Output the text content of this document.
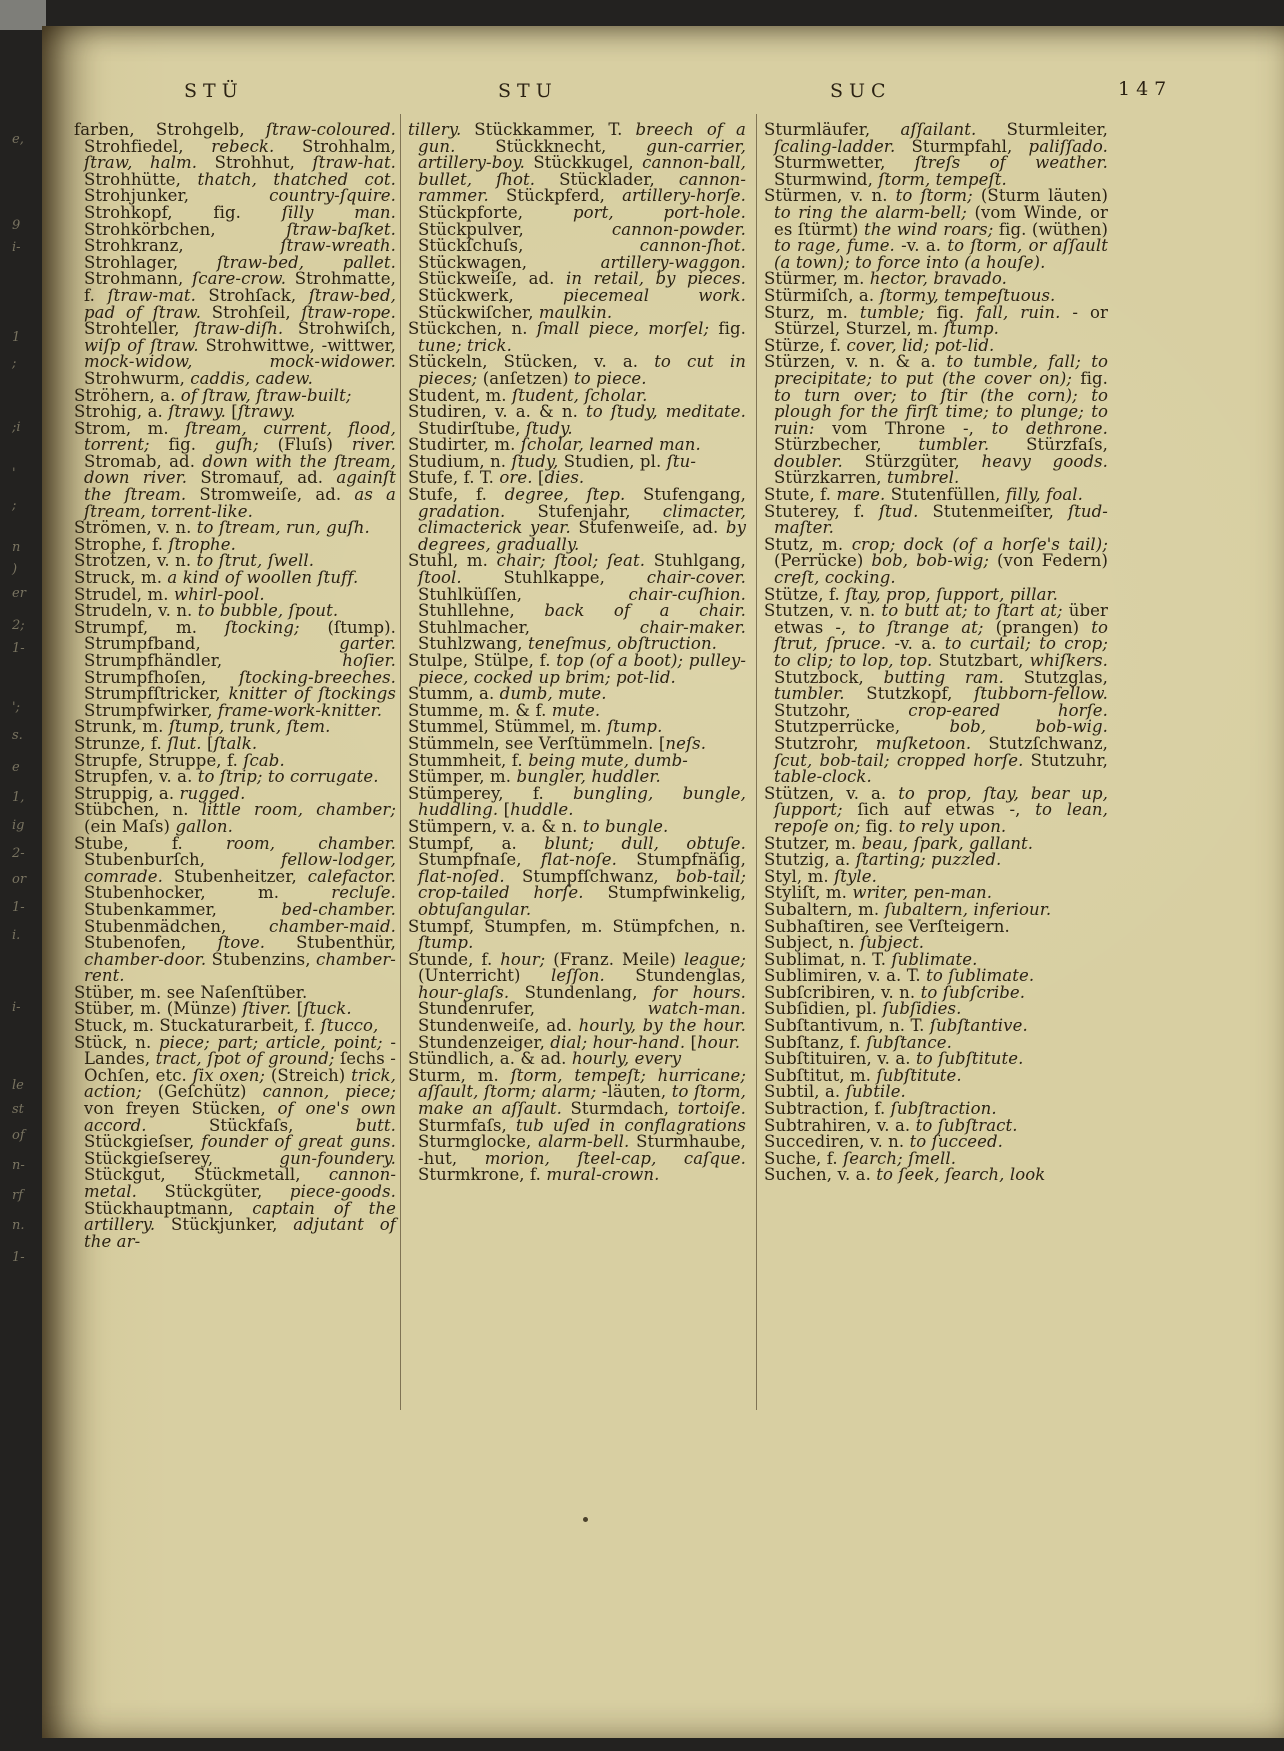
e,
9
i-
1
;
;i
'
;
n
)
er
2;
1-
';
s.
e
1,
ig
2-
or
1-
i.
i-
le
st
of
n-
rf
n.
1-
STÜ	STU	SUC	147

farben, Strohgelb, ſtraw-coloured. Strohfiedel, rebeck. Strohhalm, ſtraw, halm. Strohhut, ſtraw-hat. Strohhütte, thatch, thatched cot. Strohjunker, country-ſquire. Strohkopf, fig. ſilly man. Strohkörbchen, ſtraw-baſket. Strohkranz, ſtraw-wreath. Strohlager, ſtraw-bed, pallet. Strohmann, ſcare-crow. Strohmatte, f. ſtraw-mat. Strohſack, ſtraw-bed, pad of ſtraw. Strohſeil, ſtraw-rope. Strohteller, ſtraw-diſh. Strohwiſch, wiſp of ſtraw. Strohwittwe, -wittwer, mock-widow, mock-widower. Strohwurm, caddis, cadew.

Ströhern, a. of ſtraw, ſtraw-built;

Strohig, a. ſtrawy. [ſtrawy.

Strom, m. ſtream, current, flood, torrent; fig. guſh; (Fluſs) river. Stromab, ad. down with the ſtream, down river. Stromauf, ad. againſt the ſtream. Stromweiſe, ad. as a ſtream, torrent-like.

Strömen, v. n. to ſtream, run, guſh.

Strophe, f. ſtrophe.

Strotzen, v. n. to ſtrut, ſwell.

Struck, m. a kind of woollen ſtuff.

Strudel, m. whirl-pool.

Strudeln, v. n. to bubble, ſpout.

Strumpf, m. ſtocking; (ſtump). Strumpfband, garter. Strumpfhändler, hoſier. Strumpfhoſen, ſtocking-breeches. Strumpfſtricker, knitter of ſtockings Strumpfwirker, frame-work-knitter.

Strunk, m. ſtump, trunk, ſtem.

Strunze, f. ſlut. [ſtalk.

Strupfe, Struppe, f. ſcab.

Strupfen, v. a. to ſtrip; to corrugate.

Struppig, a. rugged.

Stübchen, n. little room, chamber; (ein Maſs) gallon.

Stube, f. room, chamber. Stubenburſch, fellow-lodger, comrade. Stubenheitzer, calefactor. Stubenhocker, m. recluſe. Stubenkammer, bed-chamber. Stubenmädchen, chamber-maid. Stubenofen, ſtove. Stubenthür, chamber-door. Stubenzins, chamber-rent.

Stüber, m. see Naſenſtüber.

Stüber, m. (Münze) ſtiver. [ſtuck.

Stuck, m. Stuckaturarbeit, f. ſtucco,

Stück, n. piece; part; article, point; - Landes, tract, ſpot of ground; ſechs - Ochſen, etc. ſix oxen; (Streich) trick, action; (Geſchütz) cannon, piece; von freyen Stücken, of one's own accord. Stückfaſs, butt. Stückgieſser, founder of great guns. Stückgieſserey, gun-foundery. Stückgut, Stückmetall, cannon-metal. Stückgüter, piece-goods. Stückhauptmann, captain of the artillery. Stückjunker, adjutant of the ar-

tillery. Stückkammer, T. breech of a gun. Stückknecht, gun-carrier, artillery-boy. Stückkugel, cannon-ball, bullet, ſhot. Stücklader, cannon-rammer. Stückpferd, artillery-horſe. Stückpforte, port, port-hole. Stückpulver, cannon-powder. Stückſchuſs, cannon-ſhot. Stückwagen, artillery-waggon. Stückweiſe, ad. in retail, by pieces. Stückwerk, piecemeal work. Stückwiſcher, maulkin.

Stückchen, n. ſmall piece, morſel; fig. tune; trick.

Stückeln, Stücken, v. a. to cut in pieces; (anſetzen) to piece.

Student, m. ſtudent, ſcholar.

Studiren, v. a. & n. to ſtudy, meditate. Studirſtube, ſtudy.

Studirter, m. ſcholar, learned man.

Studium, n. ſtudy, Studien, pl. ſtu-

Stufe, f. T. ore. [dies.

Stufe, f. degree, ſtep. Stufengang, gradation. Stufenjahr, climacter, climacterick year. Stufenweiſe, ad. by degrees, gradually.

Stuhl, m. chair; ſtool; ſeat. Stuhlgang, ſtool. Stuhlkappe, chair-cover. Stuhlküſſen, chair-cuſhion. Stuhllehne, back of a chair. Stuhlmacher, chair-maker. Stuhlzwang, teneſmus, obſtruction.

Stulpe, Stülpe, f. top (of a boot); pulley-piece, cocked up brim; pot-lid.

Stumm, a. dumb, mute.

Stumme, m. & f. mute.

Stummel, Stümmel, m. ſtump.

Stümmeln, see Verſtümmeln. [neſs.

Stummheit, f. being mute, dumb-

Stümper, m. bungler, huddler.

Stümperey, f. bungling, bungle, huddling. [huddle.

Stümpern, v. a. & n. to bungle.

Stumpf, a. blunt; dull, obtuſe. Stumpfnaſe, flat-noſe. Stumpfnäſig, flat-noſed. Stumpfſchwanz, bob-tail; crop-tailed horſe. Stumpfwinkelig, obtuſangular.

Stumpf, Stumpfen, m. Stümpfchen, n. ſtump.

Stunde, f. hour; (Franz. Meile) league; (Unterricht) leſſon. Stundenglas, hour-glaſs. Stundenlang, for hours. Stundenrufer, watch-man. Stundenweiſe, ad. hourly, by the hour. Stundenzeiger, dial; hour-hand. [hour.

Stündlich, a. & ad. hourly, every

Sturm, m. ſtorm, tempeſt; hurricane; aſſault, ſtorm; alarm; -läuten, to ſtorm, make an aſſault. Sturmdach, tortoiſe. Sturmfaſs, tub uſed in conflagrations Sturmglocke, alarm-bell. Sturmhaube, -hut, morion, ſteel-cap, caſque. Sturmkrone, f. mural-crown.

Sturmläufer, aſſailant. Sturmleiter, ſcaling-ladder. Sturmpfahl, paliſſado. Sturmwetter, ſtreſs of weather. Sturmwind, ſtorm, tempeſt.

Stürmen, v. n. to ſtorm; (Sturm läuten) to ring the alarm-bell; (vom Winde, or es ſtürmt) the wind roars; fig. (wüthen) to rage, fume. -v. a. to ſtorm, or aſſault (a town); to force into (a houſe).

Stürmer, m. hector, bravado.

Stürmiſch, a. ſtormy, tempeſtuous.

Sturz, m. tumble; fig. fall, ruin. - or Stürzel, Sturzel, m. ſtump.

Stürze, f. cover, lid; pot-lid.

Stürzen, v. n. & a. to tumble, fall; to precipitate; to put (the cover on); fig. to turn over; to ſtir (the corn); to plough for the firſt time; to plunge; to ruin: vom Throne -, to dethrone. Stürzbecher, tumbler. Stürzfaſs, doubler. Stürzgüter, heavy goods. Stürzkarren, tumbrel.

Stute, f. mare. Stutenfüllen, filly, foal.

Stuterey, f. ſtud. Stutenmeiſter, ſtud-maſter.

Stutz, m. crop; dock (of a horſe's tail); (Perrücke) bob, bob-wig; (von Federn) creſt, cocking.

Stütze, f. ſtay, prop, ſupport, pillar.

Stutzen, v. n. to butt at; to ſtart at; über etwas -, to ſtrange at; (prangen) to ſtrut, ſpruce. -v. a. to curtail; to crop; to clip; to lop, top. Stutzbart, whiſkers. Stutzbock, butting ram. Stutzglas, tumbler. Stutzkopf, ſtubborn-fellow. Stutzohr, crop-eared horſe. Stutzperrücke, bob, bob-wig. Stutzrohr, muſketoon. Stutzſchwanz, ſcut, bob-tail; cropped horſe. Stutzuhr, table-clock.

Stützen, v. a. to prop, ſtay, bear up, ſupport; ſich auf etwas -, to lean, repoſe on; fig. to rely upon.

Stutzer, m. beau, ſpark, gallant.

Stutzig, a. ſtarting; puzzled.

Styl, m. ſtyle.

Styliſt, m. writer, pen-man.

Subaltern, m. ſubaltern, inferiour.

Subhaſtiren, see Verſteigern.

Subject, n. ſubject.

Sublimat, n. T. ſublimate.

Sublimiren, v. a. T. to ſublimate.

Subſcribiren, v. n. to ſubſcribe.

Subſidien, pl. ſubſidies.

Subſtantivum, n. T. ſubſtantive.

Subſtanz, f. ſubſtance.

Subſtituiren, v. a. to ſubſtitute.

Subſtitut, m. ſubſtitute.

Subtil, a. ſubtile.

Subtraction, f. ſubſtraction.

Subtrahiren, v. a. to ſubſtract.

Succediren, v. n. to ſucceed.

Suche, f. ſearch; ſmell.

Suchen, v. a. to ſeek, ſearch, look
